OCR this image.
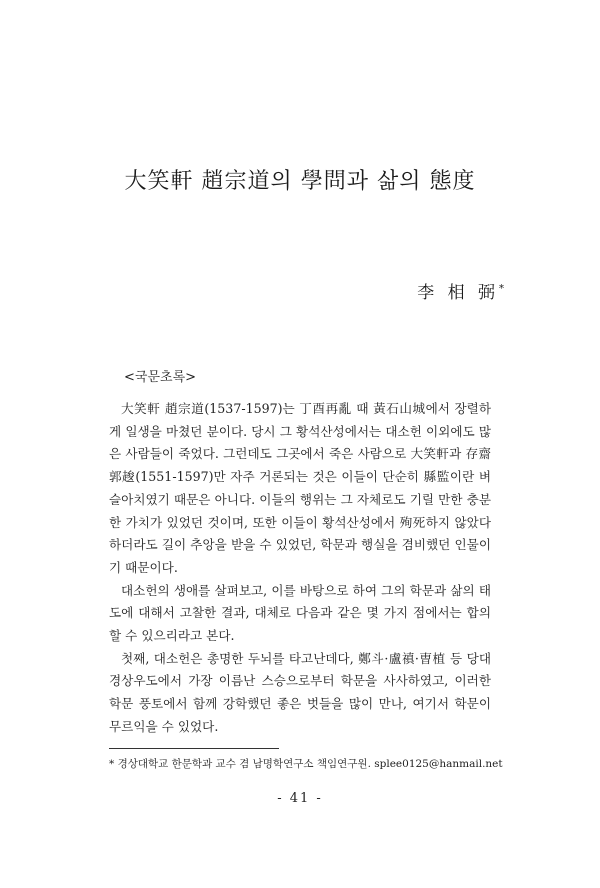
大笑軒 趙宗道의 學問과 삶의 態度
李 相 弼*
<국문초록>

大笑軒 趙宗道(1537-1597)는 丁酉再亂 때 黃石山城에서 장렬하게 일생을 마쳤던 분이다. 당시 그 황석산성에서는 대소헌 이외에도 많은 사람들이 죽었다. 그런데도 그곳에서 죽은 사람으로 大笑軒과 存齋 郭䞭(1551-1597)만 자주 거론되는 것은 이들이 단순히 縣監이란 벼슬아치였기 때문은 아니다. 이들의 행위는 그 자체로도 기릴 만한 충분한 가치가 있었던 것이며, 또한 이들이 황석산성에서 殉死하지 않았다 하더라도 길이 추앙을 받을 수 있었던, 학문과 행실을 겸비했던 인물이기 때문이다.

대소헌의 생애를 살펴보고, 이를 바탕으로 하여 그의 학문과 삶의 태도에 대해서 고찰한 결과, 대체로 다음과 같은 몇 가지 점에서는 합의할 수 있으리라고 본다.

첫째, 대소헌은 총명한 두뇌를 타고난데다, 鄭斗·盧禛·曺植 등 당대 경상우도에서 가장 이름난 스승으로부터 학문을 사사하였고, 이러한 학문 풍토에서 함께 강학했던 좋은 벗들을 많이 만나, 여기서 학문이 무르익을 수 있었다.

* 경상대학교 한문학과 교수 겸 남명학연구소 책임연구원. splee0125@hanmail.net
- 41 -
